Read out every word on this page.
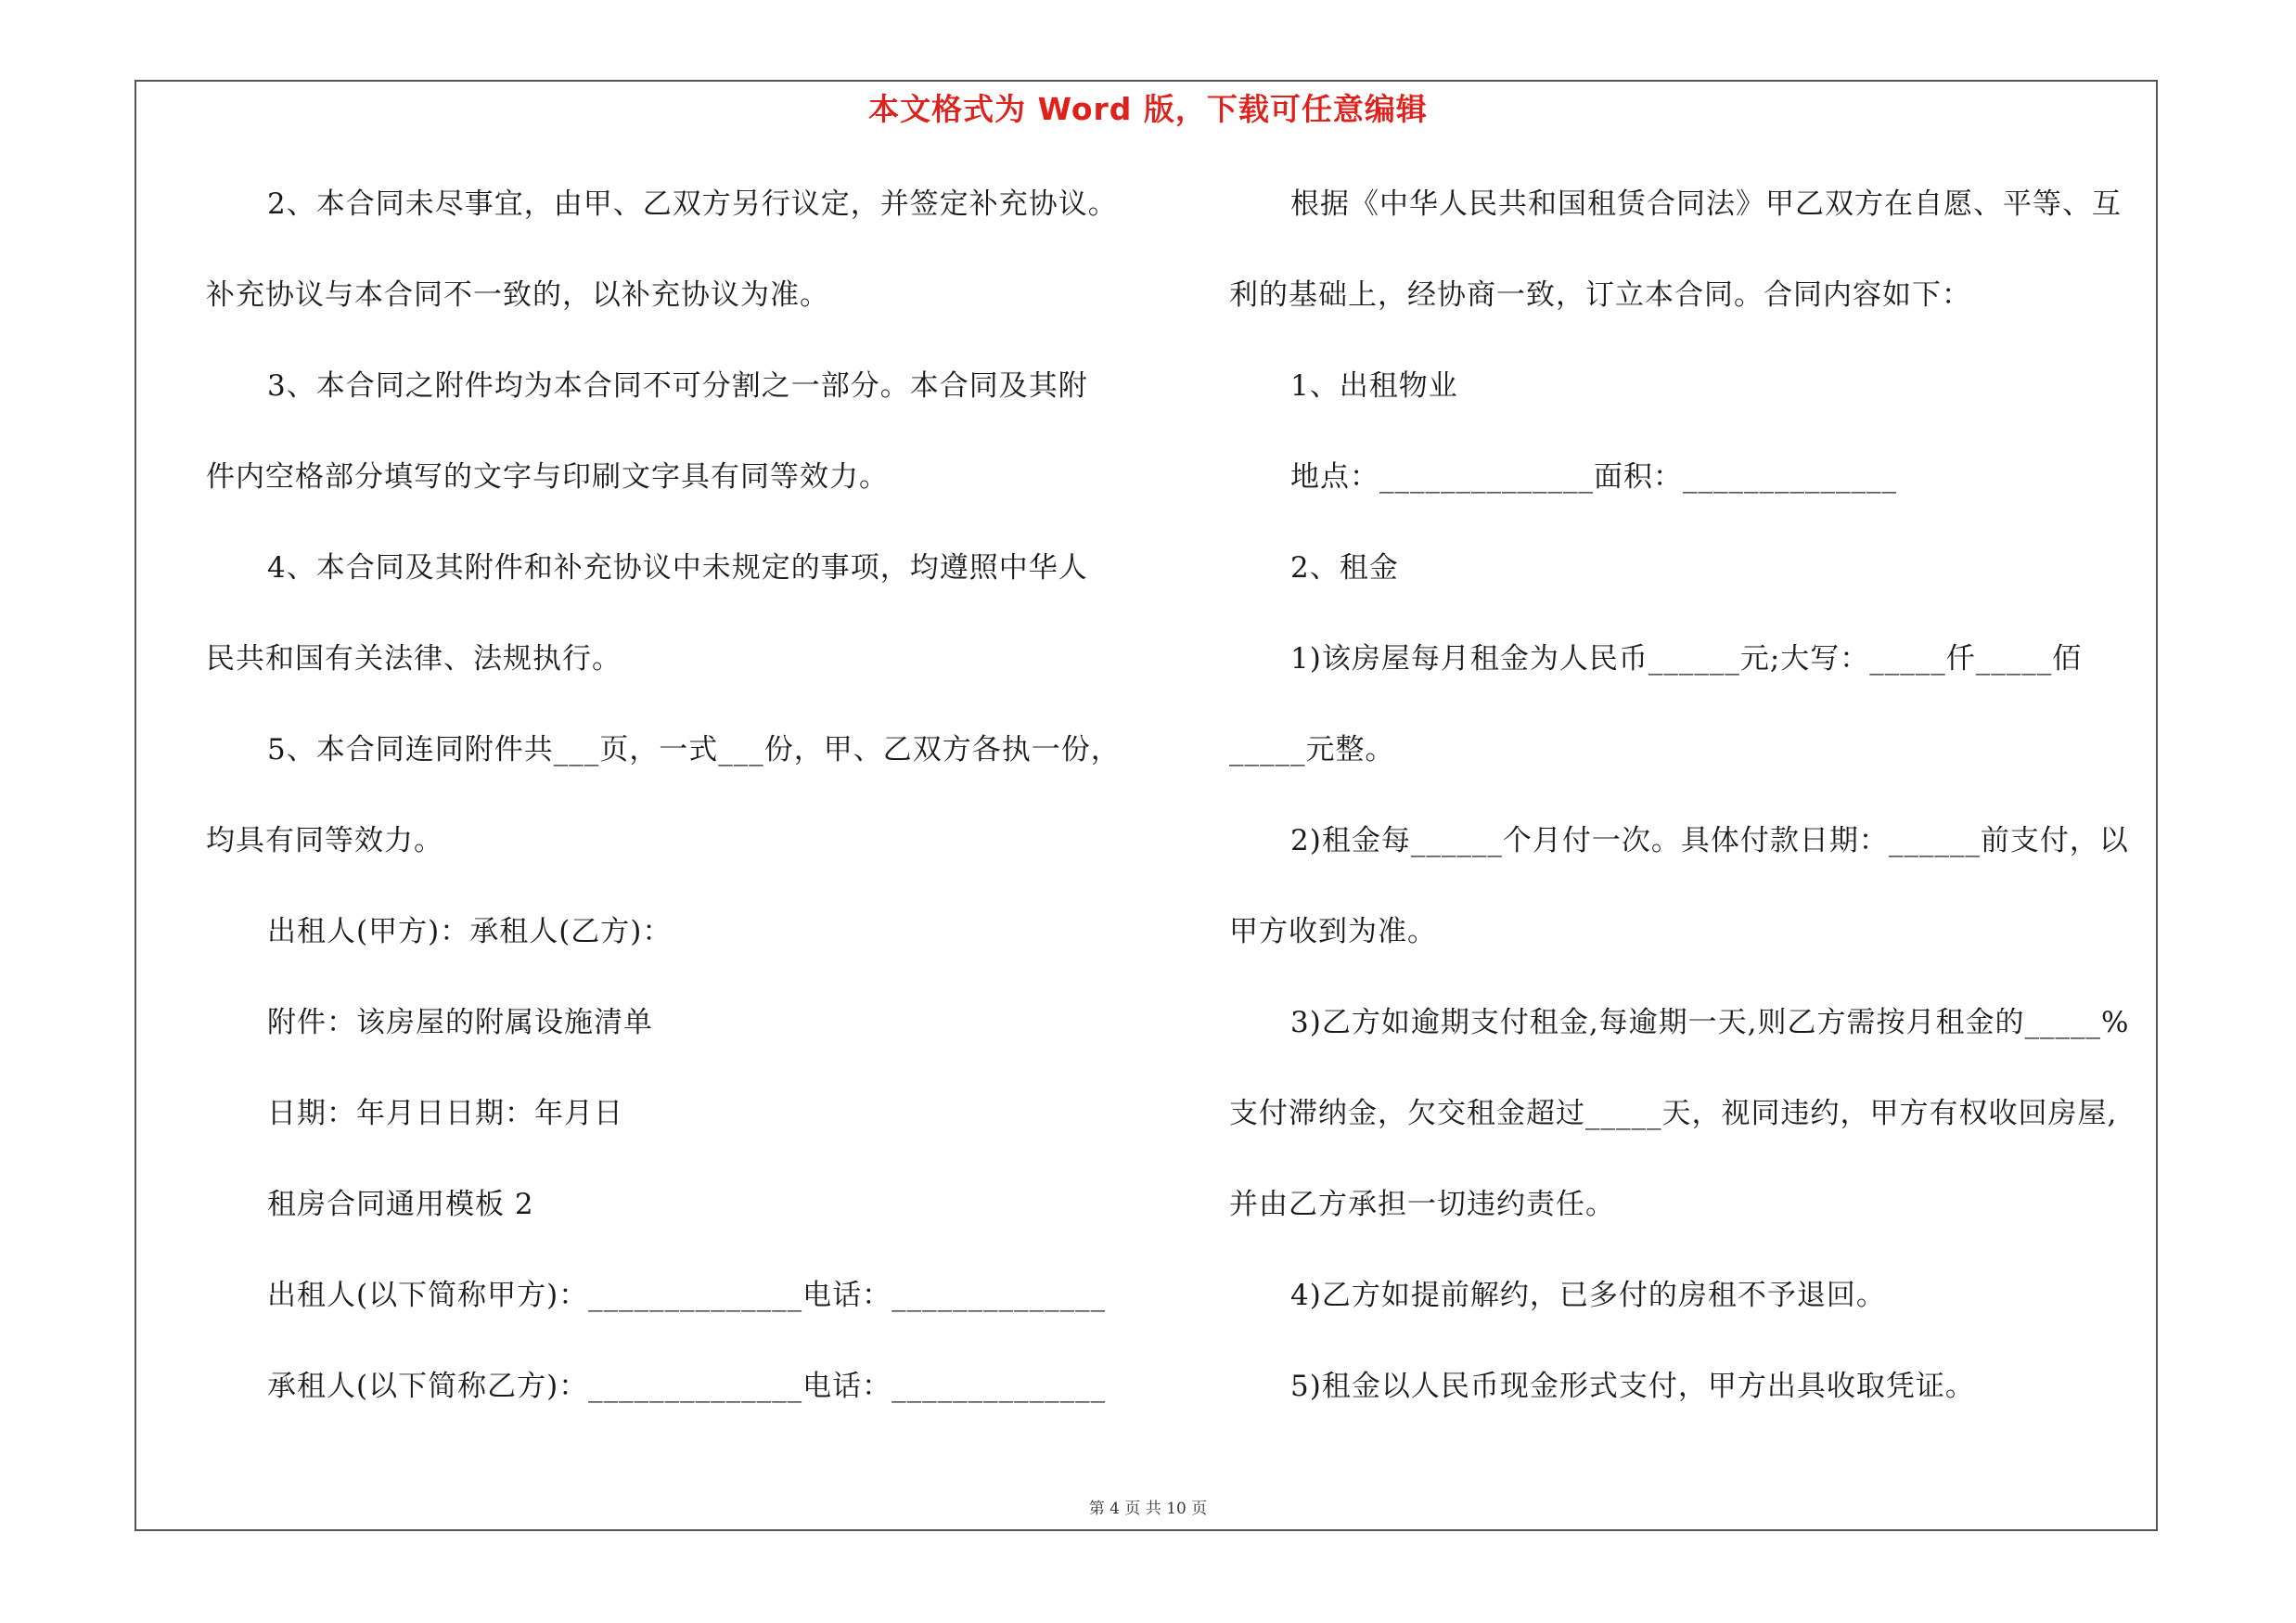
本文格式为 Word 版，下载可任意编辑
2、本合同未尽事宜，由甲、乙双方另行议定，并签定补充协议。
补充协议与本合同不一致的，以补充协议为准。
3、本合同之附件均为本合同不可分割之一部分。本合同及其附
件内空格部分填写的文字与印刷文字具有同等效力。
4、本合同及其附件和补充协议中未规定的事项，均遵照中华人
民共和国有关法律、法规执行。
5、本合同连同附件共___页，一式___份，甲、乙双方各执一份，
均具有同等效力。
出租人(甲方)：承租人(乙方)：
附件：该房屋的附属设施清单
日期：年月日日期：年月日
租房合同通用模板 2
出租人(以下简称甲方)：______________电话：______________
承租人(以下简称乙方)：______________电话：______________
根据《中华人民共和国租赁合同法》甲乙双方在自愿、平等、互
利的基础上，经协商一致，订立本合同。合同内容如下：
1、出租物业
地点：______________面积：______________
2、租金
1)该房屋每月租金为人民币______元;大写：_____仟_____佰
_____元整。
2)租金每______个月付一次。具体付款日期：______前支付，以
甲方收到为准。
3)乙方如逾期支付租金,每逾期一天,则乙方需按月租金的_____%
支付滞纳金，欠交租金超过_____天，视同违约，甲方有权收回房屋,
并由乙方承担一切违约责任。
4)乙方如提前解约，已多付的房租不予退回。
5)租金以人民币现金形式支付，甲方出具收取凭证。
第 4 页 共 10 页
